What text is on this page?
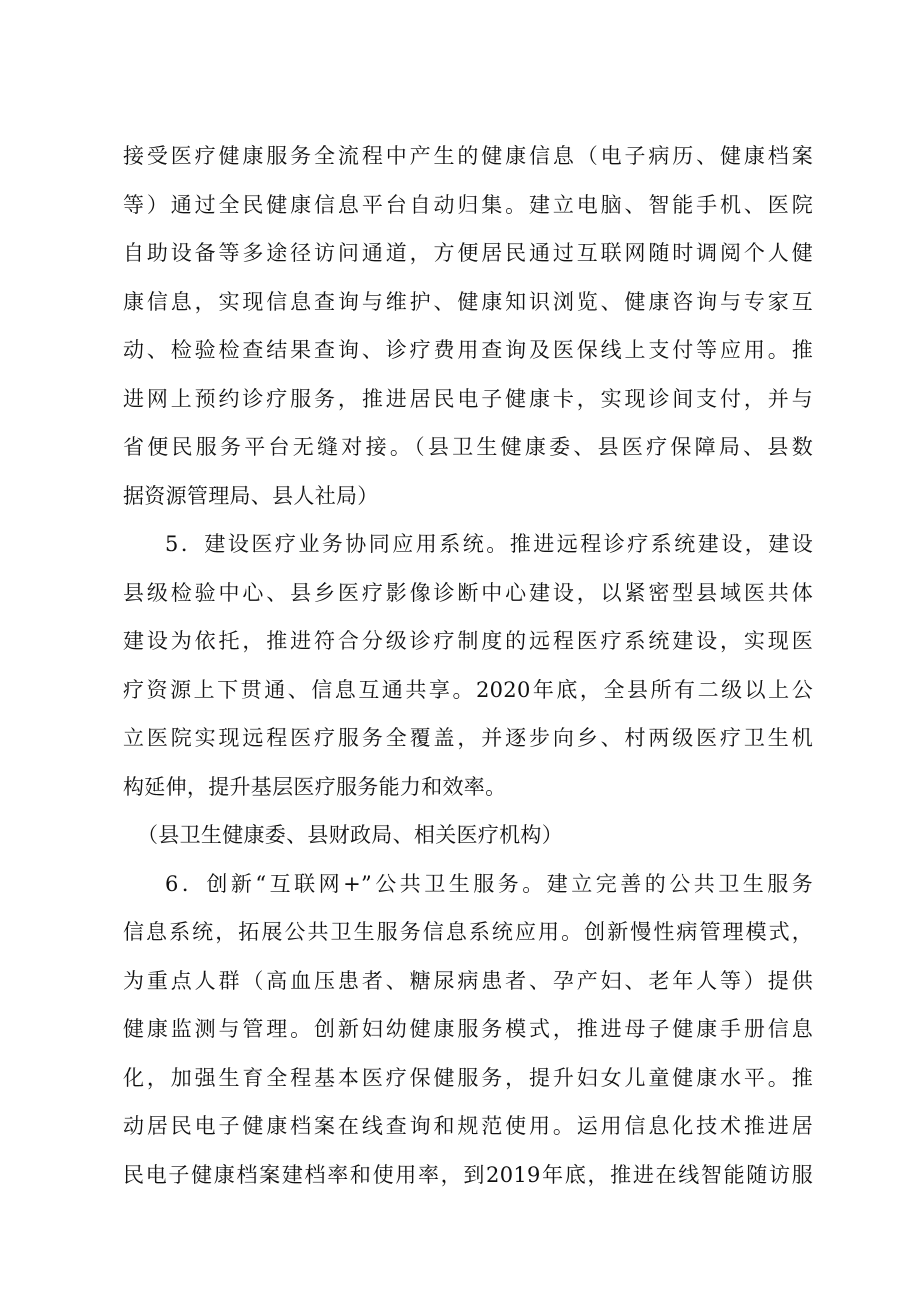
接受医疗健康服务全流程中产生的健康信息（电子病历、健康档案
等）通过全民健康信息平台自动归集。建立电脑、智能手机、医院
自助设备等多途径访问通道，方便居民通过互联网随时调阅个人健
康信息，实现信息查询与维护、健康知识浏览、健康咨询与专家互
动、检验检查结果查询、诊疗费用查询及医保线上支付等应用。推
进网上预约诊疗服务，推进居民电子健康卡，实现诊间支付，并与
省便民服务平台无缝对接。（县卫生健康委、县医疗保障局、县数
据资源管理局、县人社局）
5．建设医疗业务协同应用系统。推进远程诊疗系统建设，建设
县级检验中心、县乡医疗影像诊断中心建设，以紧密型县域医共体
建设为依托，推进符合分级诊疗制度的远程医疗系统建设，实现医
疗资源上下贯通、信息互通共享。2020年底，全县所有二级以上公
立医院实现远程医疗服务全覆盖，并逐步向乡、村两级医疗卫生机
构延伸，提升基层医疗服务能力和效率。
（县卫生健康委、县财政局、相关医疗机构）
6．创新“互联网+”公共卫生服务。建立完善的公共卫生服务
信息系统，拓展公共卫生服务信息系统应用。创新慢性病管理模式，
为重点人群（高血压患者、糖尿病患者、孕产妇、老年人等）提供
健康监测与管理。创新妇幼健康服务模式，推进母子健康手册信息
化，加强生育全程基本医疗保健服务，提升妇女儿童健康水平。推
动居民电子健康档案在线查询和规范使用。运用信息化技术推进居
民电子健康档案建档率和使用率，到2019年底，推进在线智能随访服
